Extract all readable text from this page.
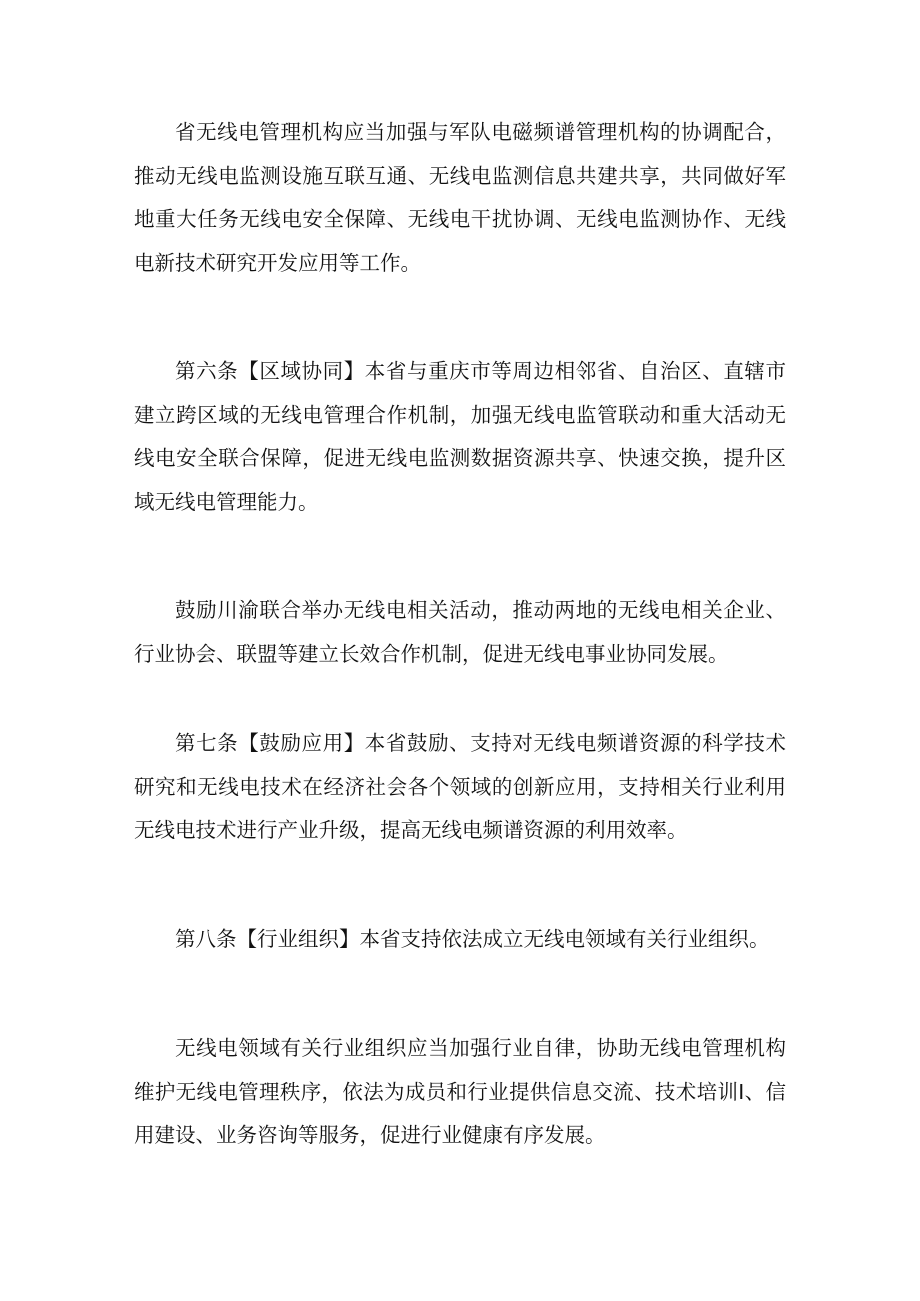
省无线电管理机构应当加强与军队电磁频谱管理机构的协调配合，推动无线电监测设施互联互通、无线电监测信息共建共享，共同做好军地重大任务无线电安全保障、无线电干扰协调、无线电监测协作、无线电新技术研究开发应用等工作。

第六条【区域协同】本省与重庆市等周边相邻省、自治区、直辖市建立跨区域的无线电管理合作机制，加强无线电监管联动和重大活动无线电安全联合保障，促进无线电监测数据资源共享、快速交换，提升区域无线电管理能力。

鼓励川渝联合举办无线电相关活动，推动两地的无线电相关企业、行业协会、联盟等建立长效合作机制，促进无线电事业协同发展。

第七条【鼓励应用】本省鼓励、支持对无线电频谱资源的科学技术研究和无线电技术在经济社会各个领域的创新应用，支持相关行业利用无线电技术进行产业升级，提高无线电频谱资源的利用效率。

第八条【行业组织】本省支持依法成立无线电领域有关行业组织。

无线电领域有关行业组织应当加强行业自律，协助无线电管理机构维护无线电管理秩序，依法为成员和行业提供信息交流、技术培训I、信用建设、业务咨询等服务，促进行业健康有序发展。
